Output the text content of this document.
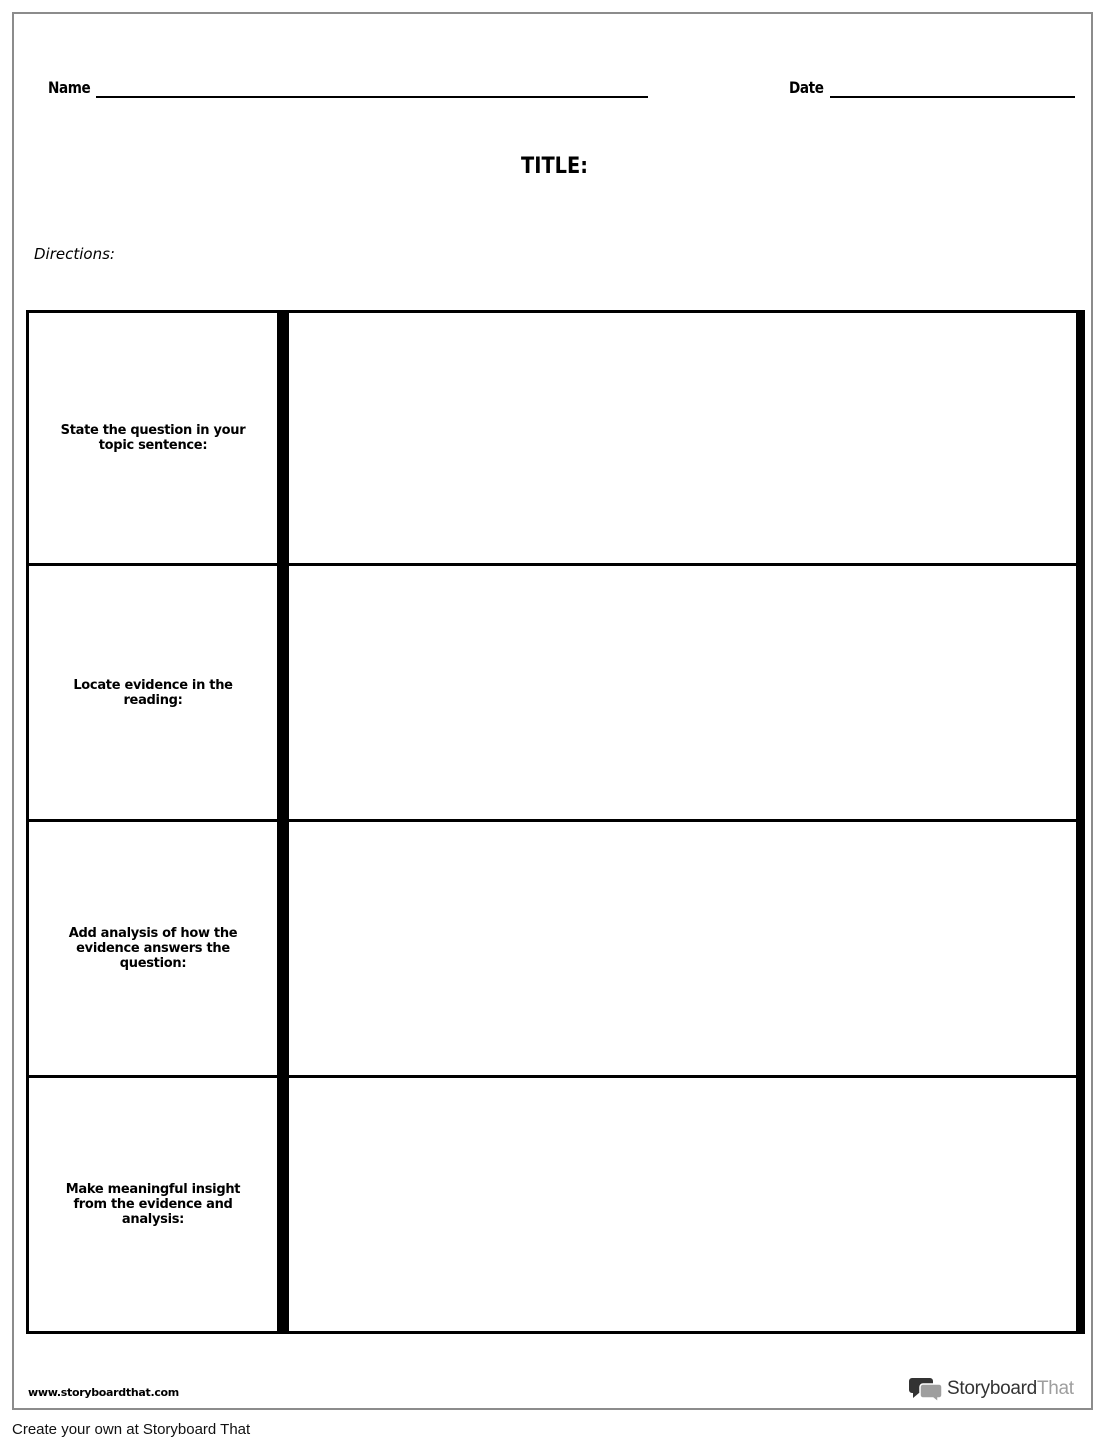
Name	Date
TITLE:
Directions:
State the question in your topic sentence:
Locate evidence in the reading:
Add analysis of how the evidence answers the question:
Make meaningful insight from the evidence and analysis:
www.storyboardthat.com	StoryboardThat
Create your own at Storyboard That
